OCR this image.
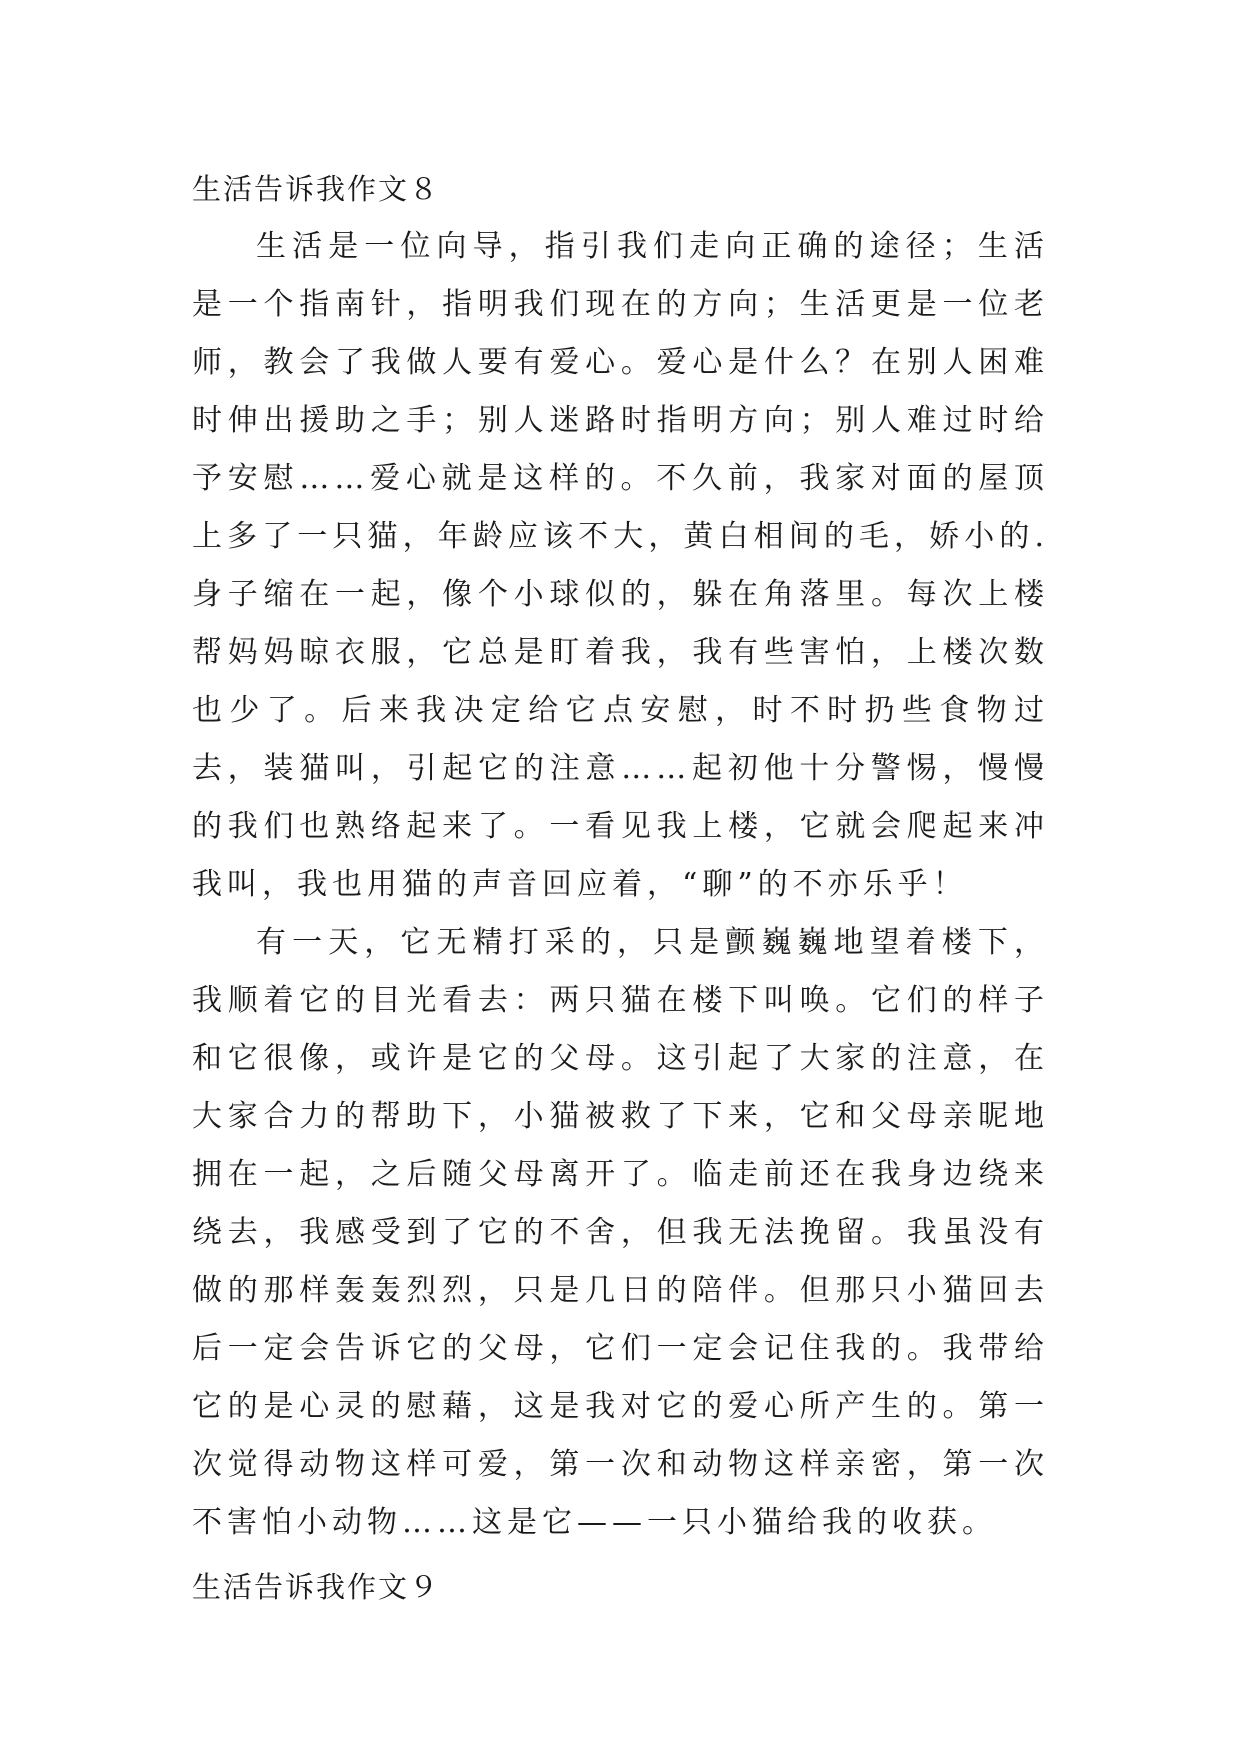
生活告诉我作文８

生活是一位向导，指引我们走向正确的途径；生活是一个指南针，指明我们现在的方向；生活更是一位老师，教会了我做人要有爱心。爱心是什么？在别人困难时伸出援助之手；别人迷路时指明方向；别人难过时给予安慰……爱心就是这样的。不久前，我家对面的屋顶上多了一只猫，年龄应该不大，黄白相间的毛，娇小的.身子缩在一起，像个小球似的，躲在角落里。每次上楼帮妈妈晾衣服，它总是盯着我，我有些害怕，上楼次数也少了。后来我决定给它点安慰，时不时扔些食物过去，装猫叫，引起它的注意……起初他十分警惕，慢慢的我们也熟络起来了。一看见我上楼，它就会爬起来冲我叫，我也用猫的声音回应着，“聊”的不亦乐乎！

有一天，它无精打采的，只是颤巍巍地望着楼下，我顺着它的目光看去：两只猫在楼下叫唤。它们的样子和它很像，或许是它的父母。这引起了大家的注意，在大家合力的帮助下，小猫被救了下来，它和父母亲昵地拥在一起，之后随父母离开了。临走前还在我身边绕来绕去，我感受到了它的不舍，但我无法挽留。我虽没有做的那样轰轰烈烈，只是几日的陪伴。但那只小猫回去后一定会告诉它的父母，它们一定会记住我的。我带给它的是心灵的慰藉，这是我对它的爱心所产生的。第一次觉得动物这样可爱，第一次和动物这样亲密，第一次不害怕小动物……这是它——一只小猫给我的收获。

生活告诉我作文９
